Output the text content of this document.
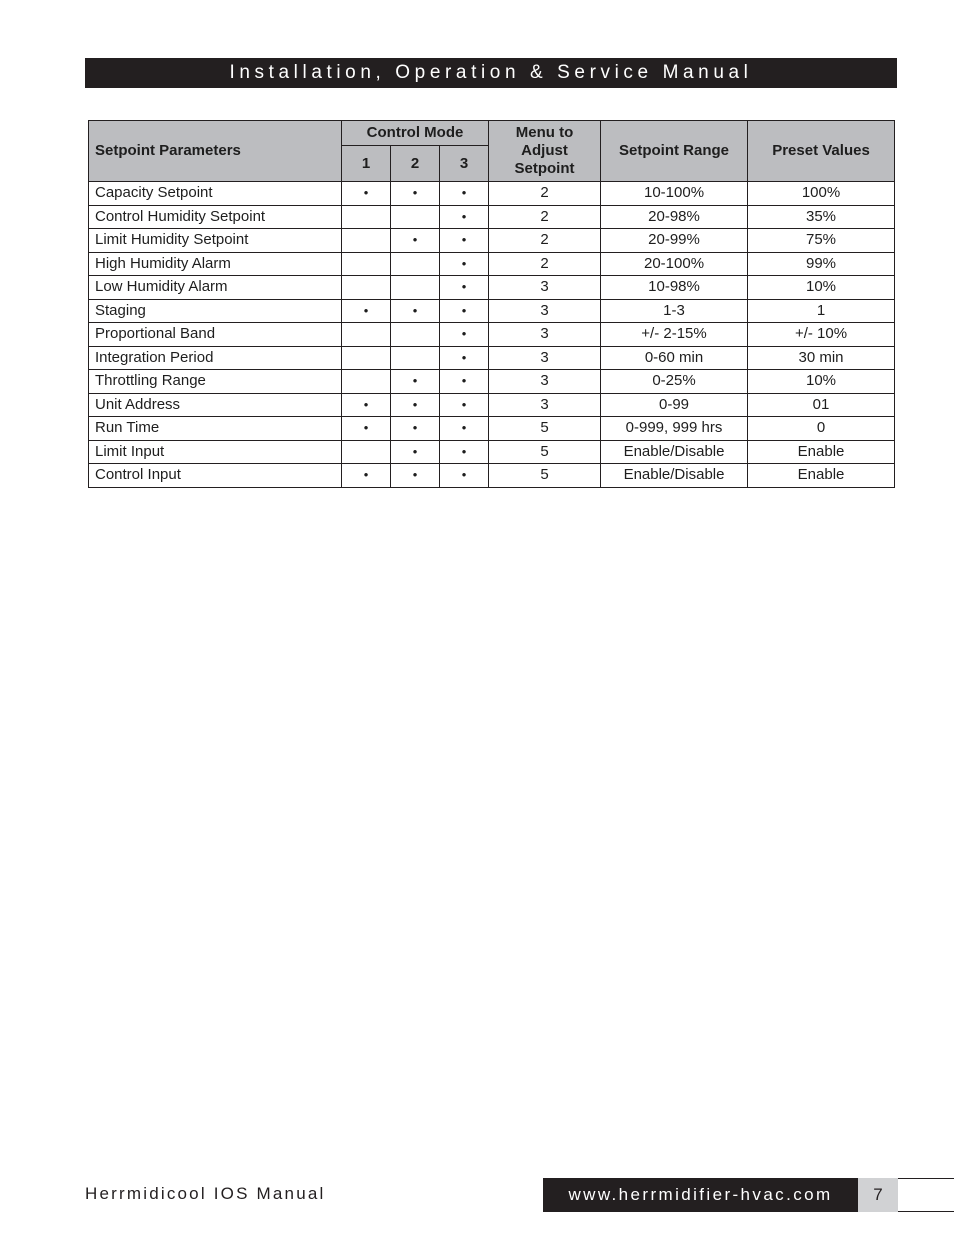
Installation, Operation & Service Manual
Setpoint Parameters	Control Mode			Menu to Adjust Setpoint	Setpoint Range	Preset Values
	1	2	3			
Capacity Setpoint	•	•	•	2	10-100%	100%
Control Humidity Setpoint			•	2	20-98%	35%
Limit Humidity Setpoint		•	•	2	20-99%	75%
High Humidity Alarm			•	2	20-100%	99%
Low Humidity Alarm			•	3	10-98%	10%
Staging	•	•	•	3	1-3	1
Proportional Band			•	3	+/- 2-15%	+/- 10%
Integration Period			•	3	0-60 min	30 min
Throttling Range		•	•	3	0-25%	10%
Unit Address	•	•	•	3	0-99	01
Run Time	•	•	•	5	0-999, 999 hrs	0
Limit Input		•	•	5	Enable/Disable	Enable
Control Input	•	•	•	5	Enable/Disable	Enable
Herrmidicool IOS Manual	www.herrmidifier-hvac.com 7
